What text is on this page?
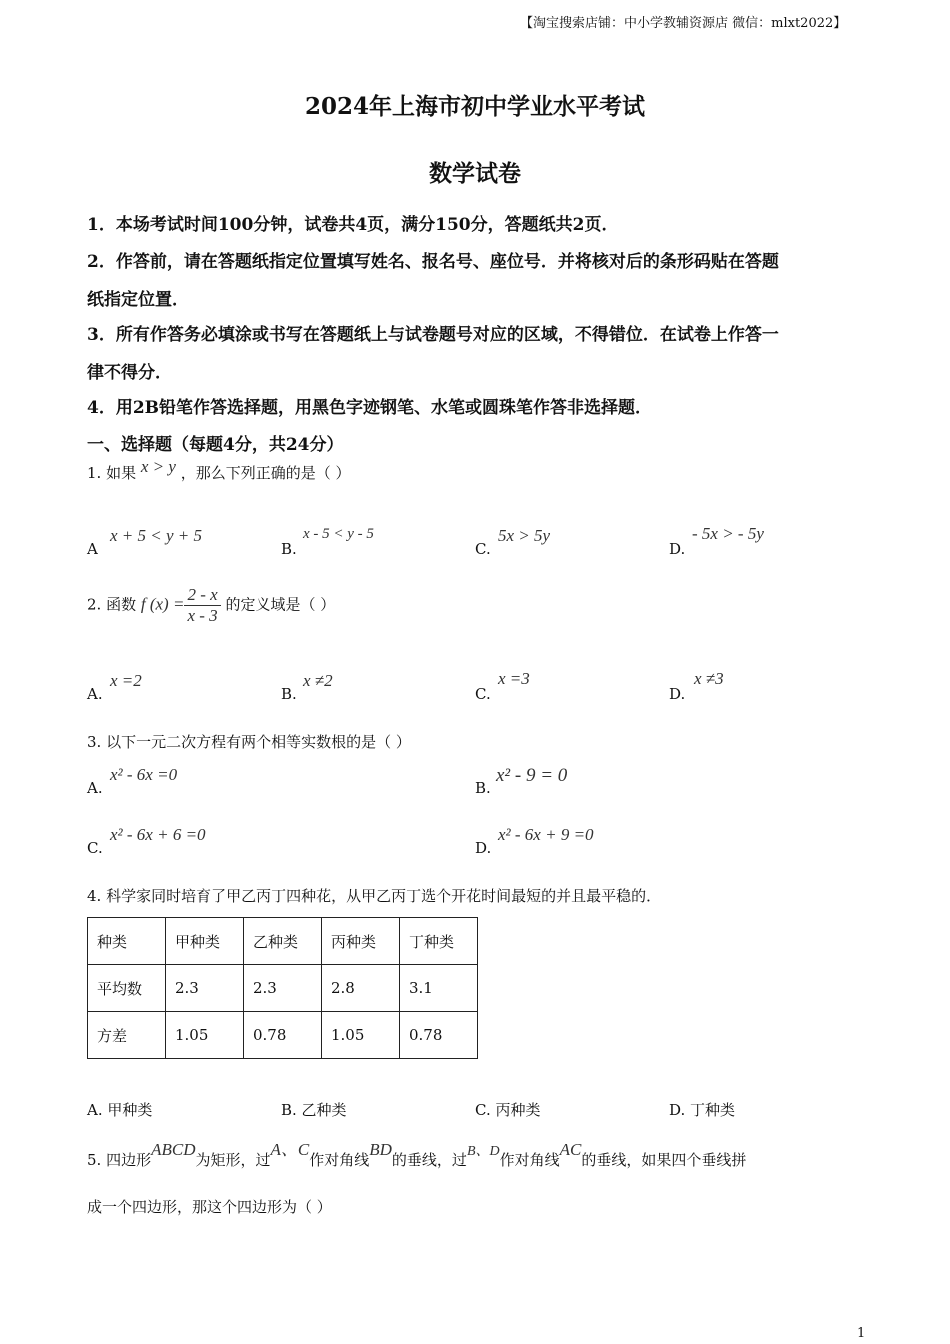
【淘宝搜索店铺：中小学教辅资源店 微信：mlxt2022】
2024年上海市初中学业水平考试
数学试卷
1．本场考试时间100分钟，试卷共4页，满分150分，答题纸共2页．
2．作答前，请在答题纸指定位置填写姓名、报名号、座位号．并将核对后的条形码贴在答题
纸指定位置．
3．所有作答务必填涂或书写在答题纸上与试卷题号对应的区域，不得错位．在试卷上作答一
律不得分．
4．用2B铅笔作答选择题，用黑色字迹钢笔、水笔或圆珠笔作答非选择题．
一、选择题（每题4分，共24分）
1. 如果 x > y ，那么下列正确的是（ ）
A
x + 5 < y + 5
B.
x - 5 < y - 5
C.
5x > 5y
D.
- 5x > - 5y
2. 函数 f $(x) = \frac{2 - x}{x - 3}$ 的定义域是（ ）
A.
x =2
B.
x ≠2
C.
x =3
D.
x ≠3
3. 以下一元二次方程有两个相等实数根的是（ ）
A.
x² - 6x =0
B.
x² - 9 = 0
C.
x² - 6x + 6 =0
D.
x² - 6x + 9 =0
4. 科学家同时培育了甲乙丙丁四种花，从甲乙丙丁选个开花时间最短的并且最平稳的．
种类	甲种类	乙种类	丙种类	丁种类
平均数	2.3	2.3	2.8	3.1
方差	1.05	0.78	1.05	0.78
A. 甲种类	B. 乙种类	C. 丙种类	D. 丁种类
5. 四边形ABCD为矩形，过A、C作对角线BD的垂线，过B、D作对角线AC的垂线，如果四个垂线拼
成一个四边形，那这个四边形为（ ）
1
